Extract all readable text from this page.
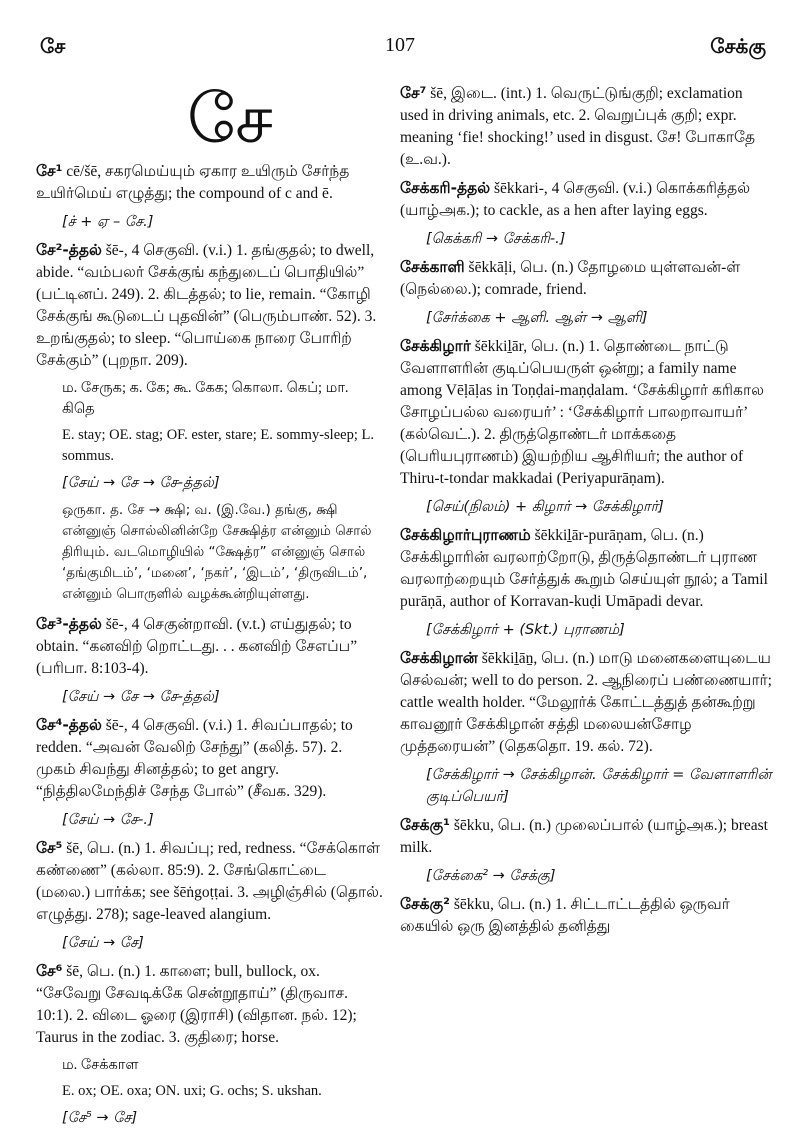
சே	107	சேக்கு
சே

சே¹ cē/šē, சகரமெய்யும் ஏகார உயிரும் சேர்ந்த உயிர்மெய் எழுத்து; the compound of c and ē.

[ச் + ஏ – சே.]

சே²-த்தல் šē-, 4 செகுவி. (v.i.) 1. தங்குதல்; to dwell, abide. “வம்பலர் சேக்குங் கந்துடைப் பொதியில்” (பட்டினப். 249). 2. கிடத்தல்; to lie, remain. “கோழி சேக்குங் கூடுடைப் புதவின்” (பெரும்பாண். 52). 3. உறங்குதல்; to sleep. “பொய்கை நாரை போரிற் சேக்கும்” (புறநா. 209).

ம. சேருக; க. கே; கூ. கேக; கொலா. கெப்; மா. கிதெ
E. stay; OE. stag; OF. ester, stare; E. sommy-sleep; L. sommus.
[சேய் → சே → சே-த்தல்]
ஒருகா. த. சே → க்ஷி; வ. (இ.வே.) தங்கு, க்ஷி என்னுஞ் சொல்லினின்றே சேக்ஷித்ர என்னும் சொல் திரியும். வடமொழியில் “க்ஷேத்ர” என்னுஞ் சொல் ‘தங்குமிடம்’, ‘மனை’, ‘நகர்’, ‘இடம்’, ‘திருவிடம்’, என்னும் பொருளில் வழக்கூன்றியுள்ளது.

சே³-த்தல் šē-, 4 செகுன்றாவி. (v.t.) எய்துதல்; to obtain. “கனவிற் றொட்டது. . . கனவிற் சேஎப்ப” (பரிபா. 8:103-4).

[சேய் → சே → சே-த்தல்]

சே⁴-த்தல் šē-, 4 செகுவி. (v.i.) 1. சிவப்பாதல்; to redden. “அவன் வேலிற் சேந்து” (கலித். 57). 2. முகம் சிவந்து சினத்தல்; to get angry. “நித்திலமேந்திச் சேந்த போல்” (சீவக. 329).

[சேய் → சே-.]

சே⁵ šē, பெ. (n.) 1. சிவப்பு; red, redness. “சேக்கொள் கண்ணை” (கல்லா. 85:9). 2. சேங்கொட்டை (மலை.) பார்க்க; see šēṅgoṭṭai. 3. அழிஞ்சில் (தொல். எழுத்து. 278); sage-leaved alangium.

[சேய் → சே]

சே⁶ šē, பெ. (n.) 1. காளை; bull, bullock, ox. “சேவேறு சேவடிக்கே சென்றூதாய்” (திருவாச. 10:1). 2. விடை ஓரை (இராசி) (விதான. நல். 12); Taurus in the zodiac. 3. குதிரை; horse.

ம. சேக்காள
E. ox; OE. oxa; ON. uxi; G. ochs; S. ukshan.
[சே⁵ → சே]

சே⁷ šē, இடை. (int.) 1. வெருட்டுங்குறி; exclamation used in driving animals, etc. 2. வெறுப்புக் குறி; expr. meaning ‘fie! shocking!’ used in disgust. சே! போகாதே (உ.வ.).

சேக்கரி-த்தல் šēkkari-, 4 செகுவி. (v.i.) கொக்கரித்தல் (யாழ்அக.); to cackle, as a hen after laying eggs.

[கெக்கரி → சேக்கரி-.]

சேக்காளி šēkkāḷi, பெ. (n.) தோழமை யுள்ளவன்-ள் (நெல்லை.); comrade, friend.

[சேர்க்கை + ஆளி. ஆள் → ஆளி]

சேக்கிழார் šēkkiḻār, பெ. (n.) 1. தொண்டை நாட்டு வேளாளரின் குடிப்பெயருள் ஒன்று; a family name among Vēḷāḷas in Toṇḍai-maṇḍalam. ‘சேக்கிழார் கரிகால சோழப்பல்ல வரையர்’ : ‘சேக்கிழார் பாலறாவாயர்’ (கல்வெட்.). 2. திருத்தொண்டர் மாக்கதை (பெரியபுராணம்) இயற்றிய ஆசிரியர்; the author of Thiru-t-tondar makkadai (Periyapurāṇam).

[செய்(நிலம்) + கிழார் → சேக்கிழார்]

சேக்கிழார்புராணம் šēkkiḻār-purāṇam, பெ. (n.) சேக்கிழாரின் வரலாற்றோடு, திருத்தொண்டர் புராண வரலாற்றையும் சேர்த்துக் கூறும் செய்யுள் நூல்; a Tamil purāṇā, author of Korravan-kuḍi Umāpadi devar.

[சேக்கிழார் + (Skt.) புராணம்]

சேக்கிழான் šēkkiḻāṉ, பெ. (n.) மாடு மனைகளையுடைய செல்வன்; well to do person. 2. ஆநிரைப் பண்ணையார்; cattle wealth holder. “மேலூர்க் கோட்டத்துத் தன்கூற்று காவனூர் சேக்கிழான் சத்தி மலையன்சோழ முத்தரையன்” (தெகதொ. 19. கல். 72).

[சேக்கிழார் → சேக்கிழான். சேக்கிழார் = வேளாளரின் குடிப்பெயர்]

சேக்கு¹ šēkku, பெ. (n.) முலைப்பால் (யாழ்அக.); breast milk.

[சேக்கை² → சேக்கு]

சேக்கு² šēkku, பெ. (n.) 1. சிட்டாட்டத்தில் ஒருவர் கையில் ஒரு இனத்தில் தனித்து
